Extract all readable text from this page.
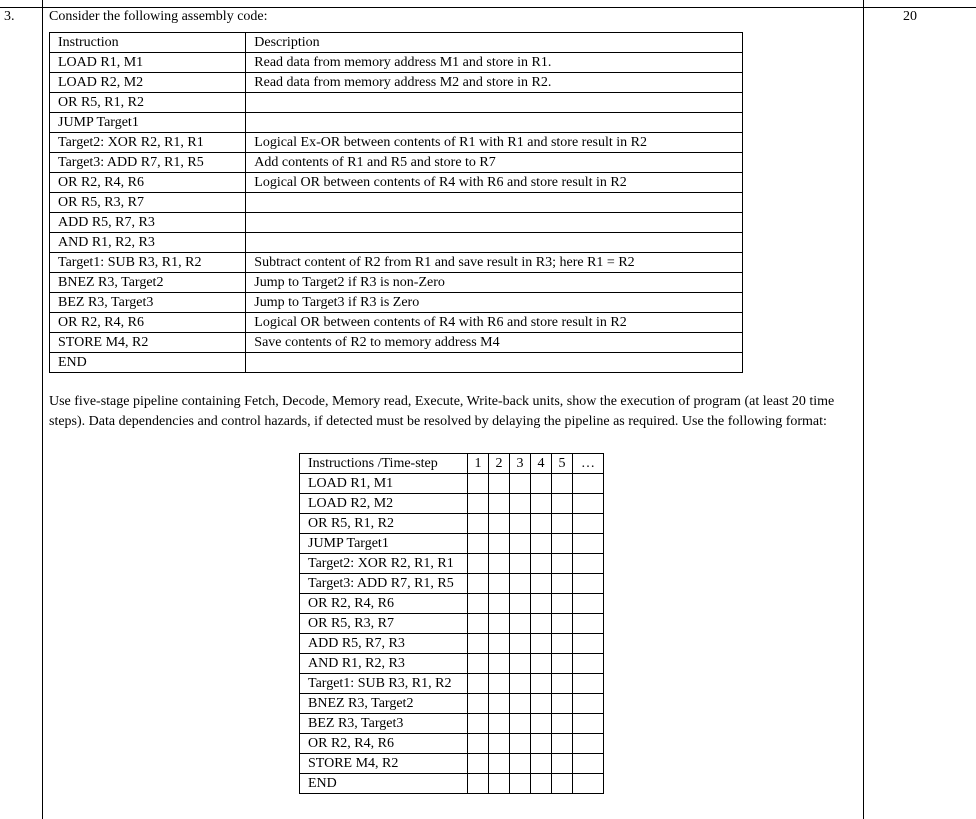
3. Consider the following assembly code:	20
Instruction	Description
LOAD R1, M1	Read data from memory address M1 and store in R1.
LOAD R2, M2	Read data from memory address M2 and store in R2.
OR R5, R1, R2	
JUMP Target1	
Target2: XOR R2, R1, R1	Logical Ex-OR between contents of R1 with R1 and store result in R2
Target3: ADD R7, R1, R5	Add contents of R1 and R5 and store to R7
OR R2, R4, R6	Logical OR between contents of R4 with R6 and store result in R2
OR R5, R3, R7	
ADD R5, R7, R3	
AND R1, R2, R3	
Target1: SUB R3, R1, R2	Subtract content of R2 from R1 and save result in R3; here R1 = R2
BNEZ R3, Target2	Jump to Target2 if R3 is non-Zero
BEZ R3, Target3	Jump to Target3 if R3 is Zero
OR R2, R4, R6	Logical OR between contents of R4 with R6 and store result in R2
STORE M4, R2	Save contents of R2 to memory address M4
END	
Use five-stage pipeline containing Fetch, Decode, Memory read, Execute, Write-back units, show the execution of program (at least 20 time steps). Data dependencies and control hazards, if detected must be resolved by delaying the pipeline as required. Use the following format:
Instructions /Time-step	1	2	3	4	5	…
LOAD R1, M1						
LOAD R2, M2						
OR R5, R1, R2						
JUMP Target1						
Target2: XOR R2, R1, R1						
Target3: ADD R7, R1, R5						
OR R2, R4, R6						
OR R5, R3, R7						
ADD R5, R7, R3						
AND R1, R2, R3						
Target1: SUB R3, R1, R2						
BNEZ R3, Target2						
BEZ R3, Target3						
OR R2, R4, R6						
STORE M4, R2						
END						
